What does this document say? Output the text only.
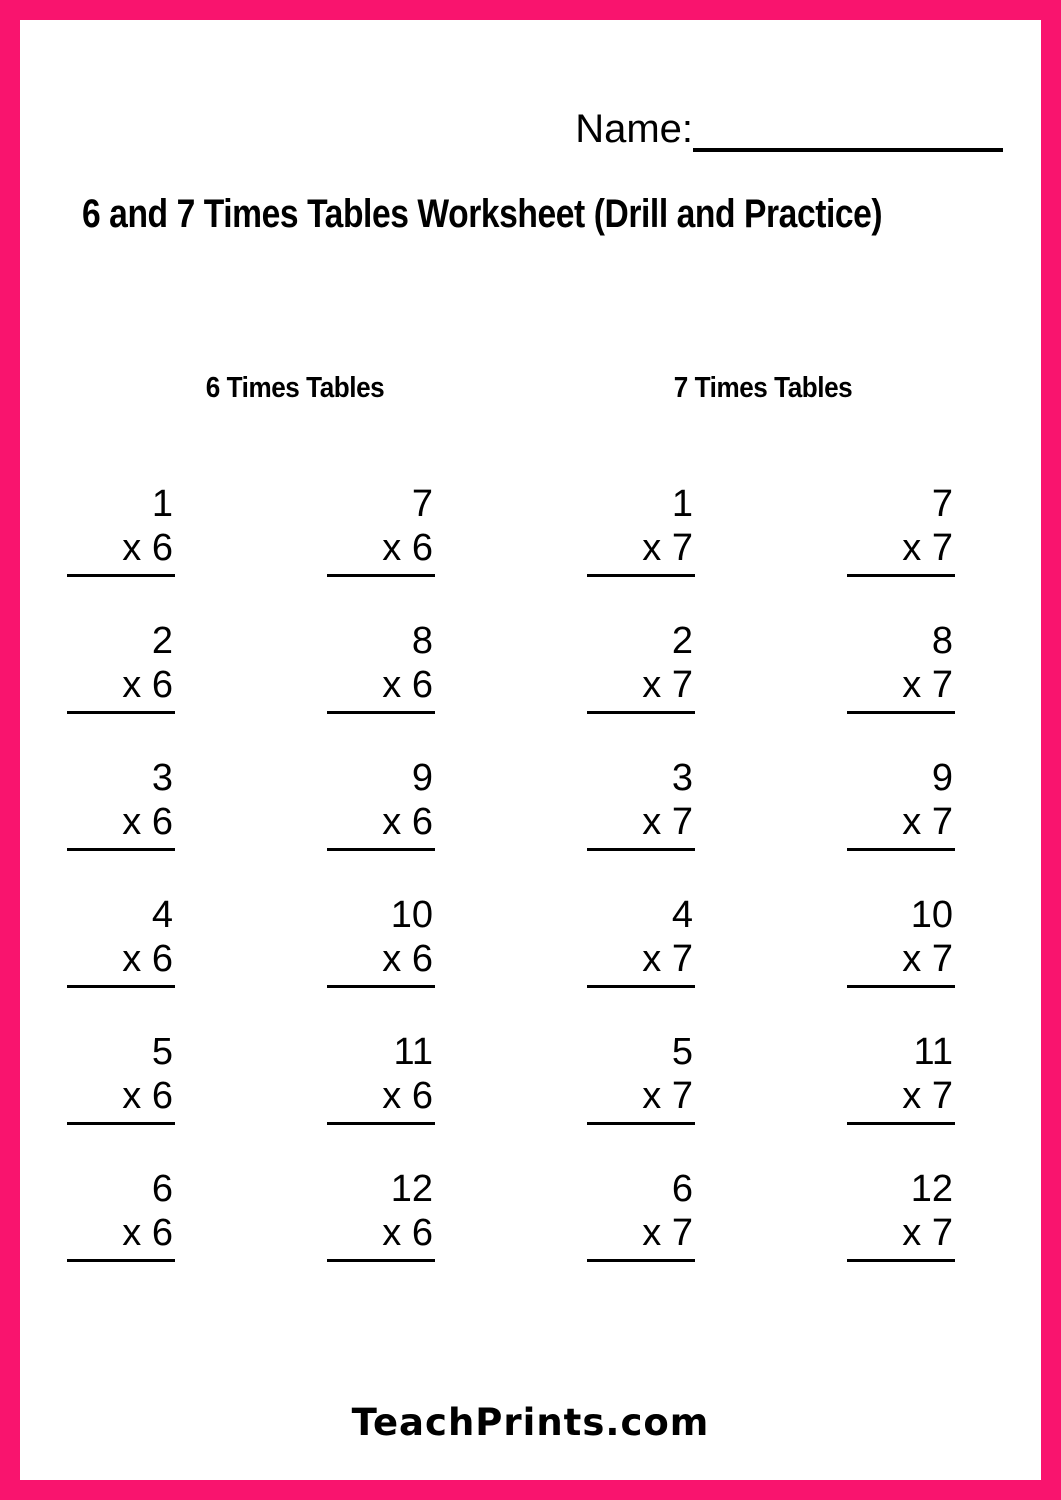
Name:
6 and 7 Times Tables Worksheet (Drill and Practice)
6 Times Tables	7 Times Tables
1
x 6
7
x 6
1
x 7
7
x 7
2
x 6
8
x 6
2
x 7
8
x 7
3
x 6
9
x 6
3
x 7
9
x 7
4
x 6
10
x 6
4
x 7
10
x 7
5
x 6
11
x 6
5
x 7
11
x 7
6
x 6
12
x 6
6
x 7
12
x 7
TeachPrints.com
